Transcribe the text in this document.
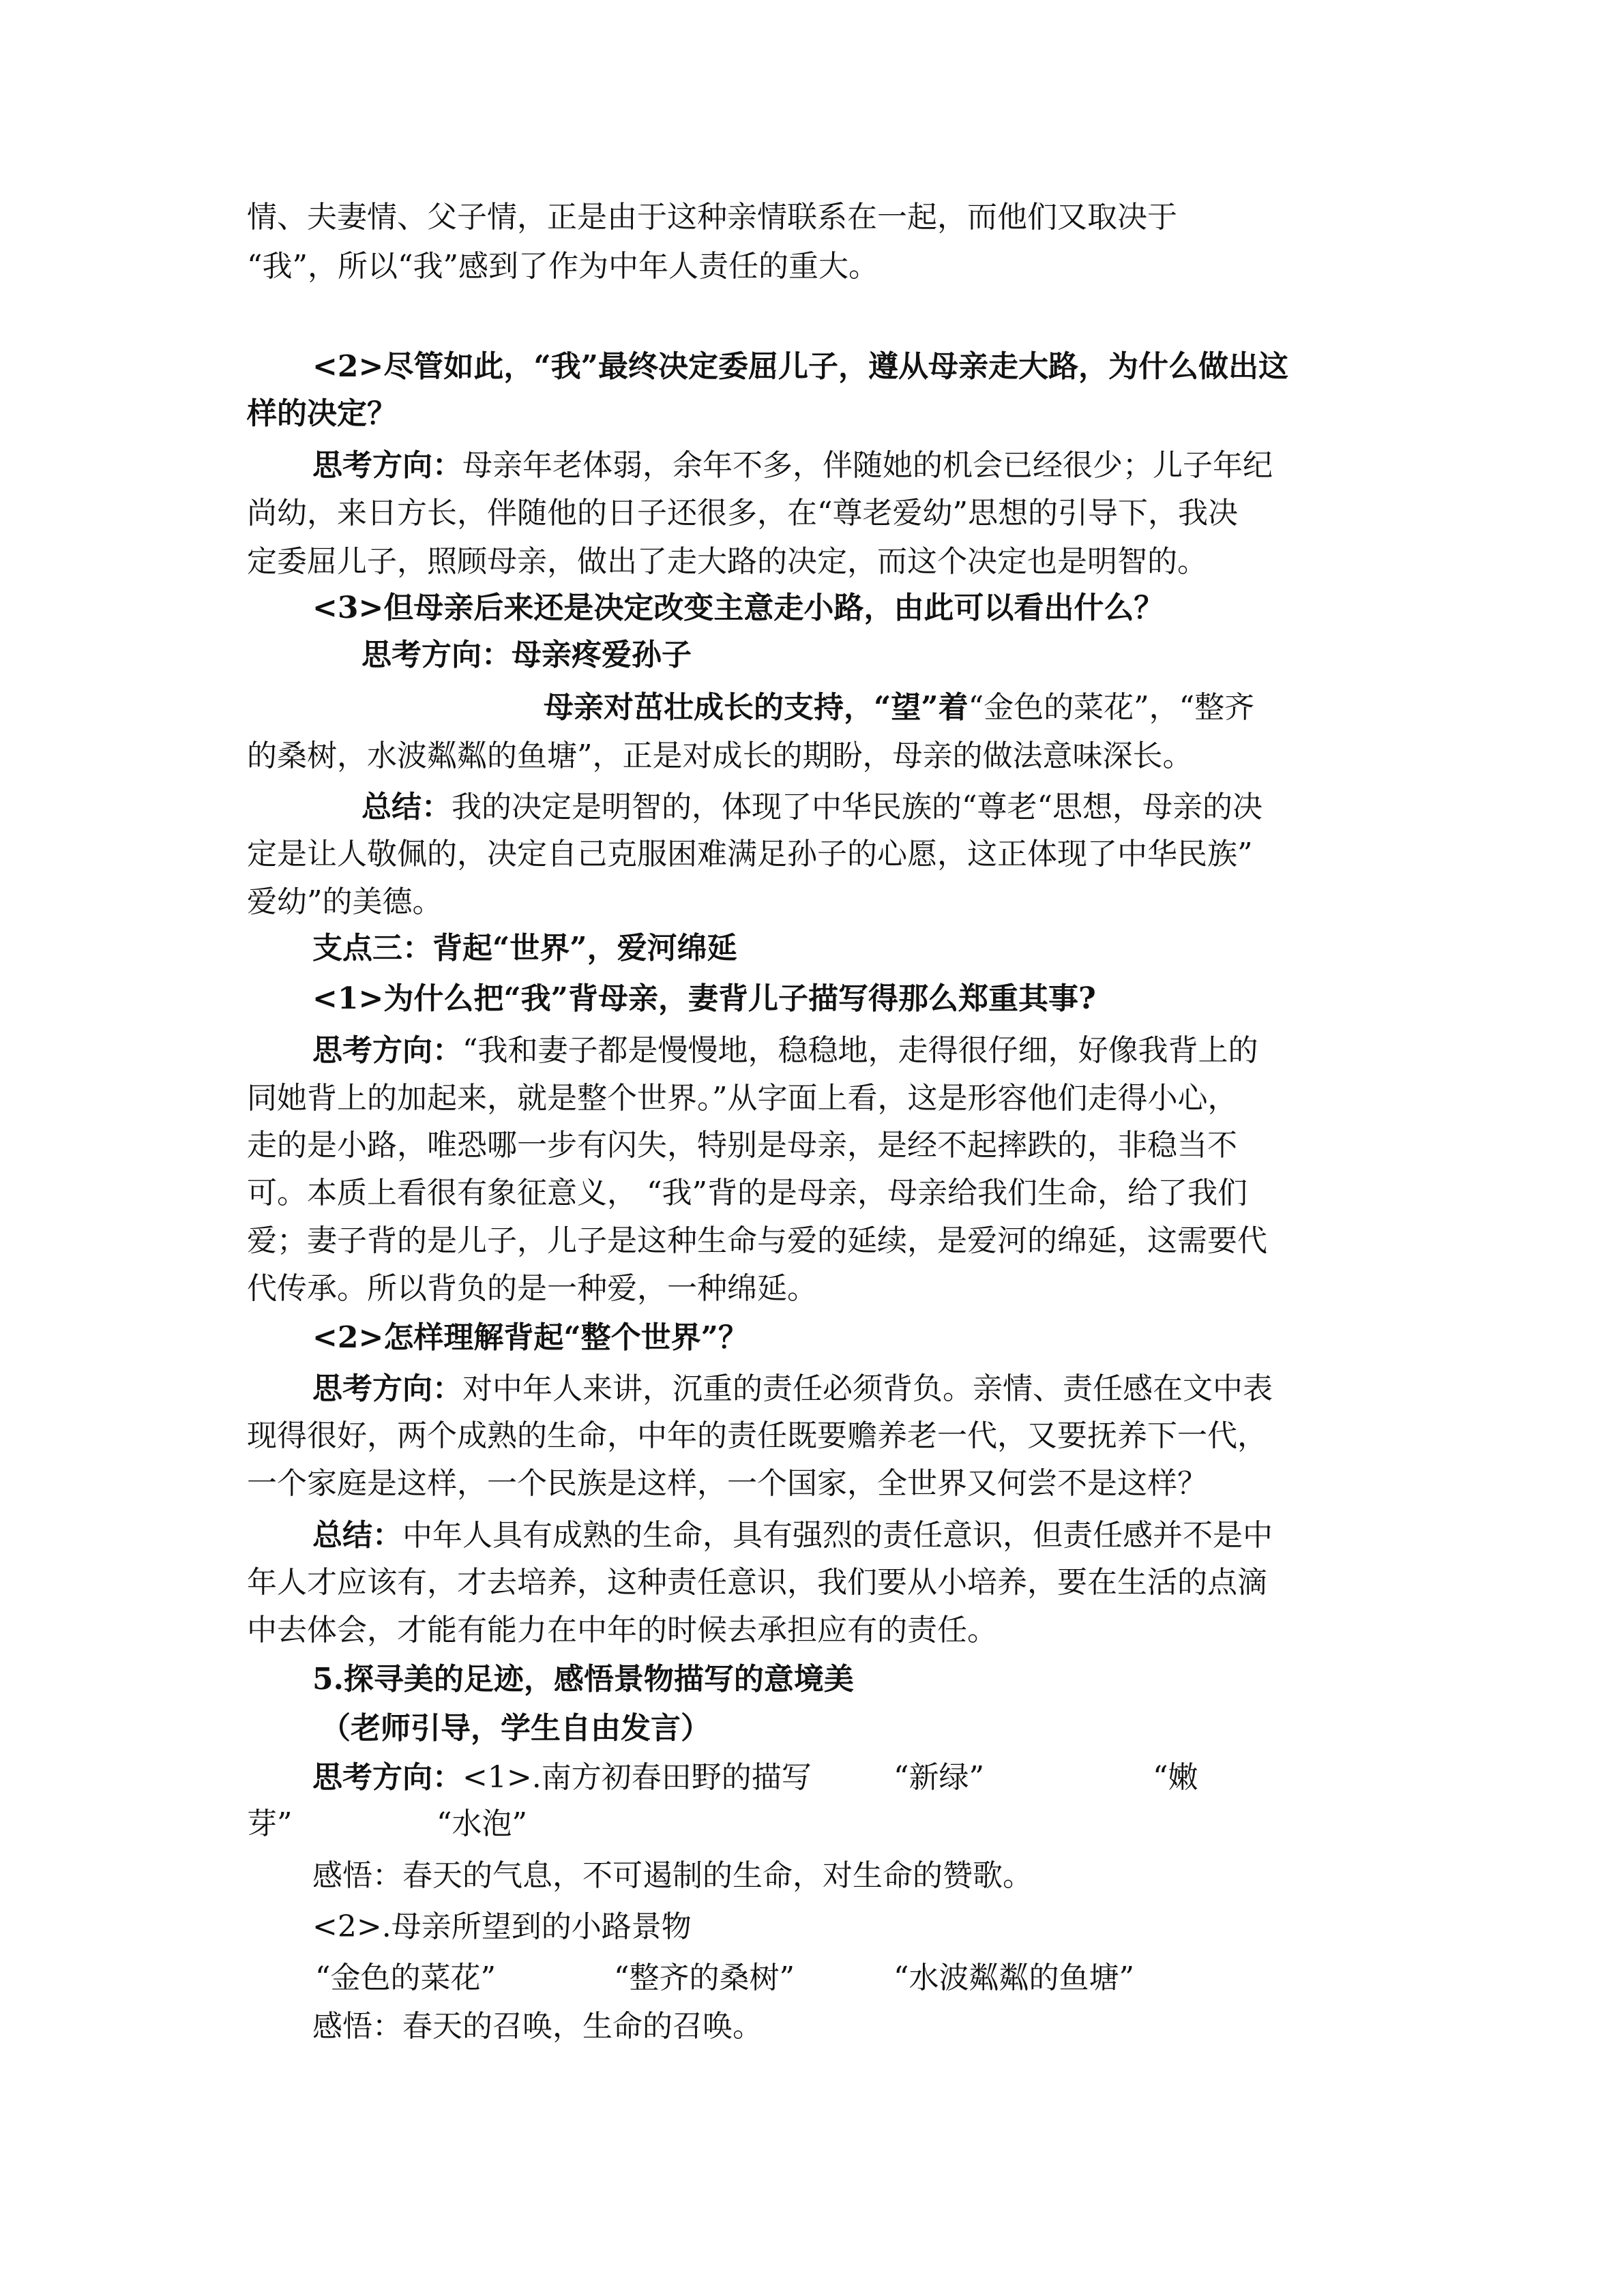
情、夫妻情、父子情，正是由于这种亲情联系在一起，而他们又取决于
“我”，所以“我”感到了作为中年人责任的重大。
<2>尽管如此，“我”最终决定委屈儿子，遵从母亲走大路，为什么做出这
样的决定？
思考方向：母亲年老体弱，余年不多，伴随她的机会已经很少；儿子年纪
尚幼，来日方长，伴随他的日子还很多，在“尊老爱幼”思想的引导下，我决
定委屈儿子，照顾母亲，做出了走大路的决定，而这个决定也是明智的。
<3>但母亲后来还是决定改变主意走小路，由此可以看出什么？
思考方向：母亲疼爱孙子
母亲对茁壮成长的支持，“望”着“金色的菜花”，“整齐
的桑树，水波粼粼的鱼塘”，正是对成长的期盼，母亲的做法意味深长。
总结：我的决定是明智的，体现了中华民族的“尊老“思想，母亲的决
定是让人敬佩的，决定自己克服困难满足孙子的心愿，这正体现了中华民族”
爱幼”的美德。
支点三：背起“世界”，爱河绵延
<1>为什么把“我”背母亲，妻背儿子描写得那么郑重其事?
思考方向：“我和妻子都是慢慢地，稳稳地，走得很仔细，好像我背上的
同她背上的加起来，就是整个世界。”从字面上看，这是形容他们走得小心，
走的是小路，唯恐哪一步有闪失，特别是母亲，是经不起摔跌的，非稳当不
可。本质上看很有象征意义， “我”背的是母亲，母亲给我们生命，给了我们
爱；妻子背的是儿子，儿子是这种生命与爱的延续，是爱河的绵延，这需要代
代传承。所以背负的是一种爱，一种绵延。
<2>怎样理解背起“整个世界”？
思考方向：对中年人来讲，沉重的责任必须背负。亲情、责任感在文中表
现得很好，两个成熟的生命，中年的责任既要赡养老一代，又要抚养下一代，
一个家庭是这样，一个民族是这样，一个国家，全世界又何尝不是这样？
总结：中年人具有成熟的生命，具有强烈的责任意识，但责任感并不是中
年人才应该有，才去培养，这种责任意识，我们要从小培养，要在生活的点滴
中去体会，才能有能力在中年的时候去承担应有的责任。
5.探寻美的足迹，感悟景物描写的意境美
（老师引导，学生自由发言）
思考方向：<1>.南方初春田野的描写	“新绿”	“嫩
芽”	“水泡”
感悟：春天的气息，不可遏制的生命，对生命的赞歌。
<2>.母亲所望到的小路景物
“金色的菜花”	“整齐的桑树”	“水波粼粼的鱼塘”
感悟：春天的召唤，生命的召唤。
